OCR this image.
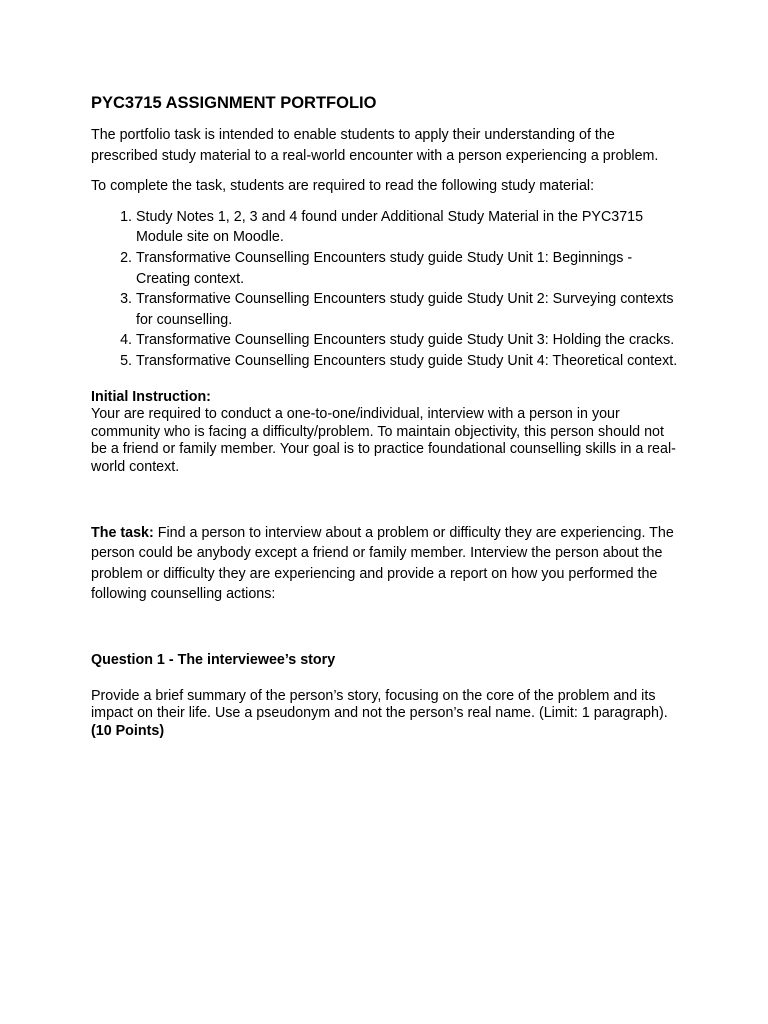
PYC3715 ASSIGNMENT PORTFOLIO

The portfolio task is intended to enable students to apply their understanding of the prescribed study material to a real-world encounter with a person experiencing a problem.

To complete the task, students are required to read the following study material:

1. Study Notes 1, 2, 3 and 4 found under Additional Study Material in the PYC3715 Module site on Moodle.
2. Transformative Counselling Encounters study guide Study Unit 1: Beginnings - Creating context.
3. Transformative Counselling Encounters study guide Study Unit 2: Surveying contexts for counselling.
4. Transformative Counselling Encounters study guide Study Unit 3: Holding the cracks.
5. Transformative Counselling Encounters study guide Study Unit 4: Theoretical context.
Initial Instruction:
Your are required to conduct a one-to-one/individual, interview with a person in your community who is facing a difficulty/problem. To maintain objectivity, this person should not be a friend or family member. Your goal is to practice foundational counselling skills in a real-world context.

The task: Find a person to interview about a problem or difficulty they are experiencing. The person could be anybody except a friend or family member. Interview the person about the problem or difficulty they are experiencing and provide a report on how you performed the following counselling actions:

Question 1 - The interviewee’s story

Provide a brief summary of the person’s story, focusing on the core of the problem and its impact on their life. Use a pseudonym and not the person’s real name. (Limit: 1 paragraph). (10 Points)
